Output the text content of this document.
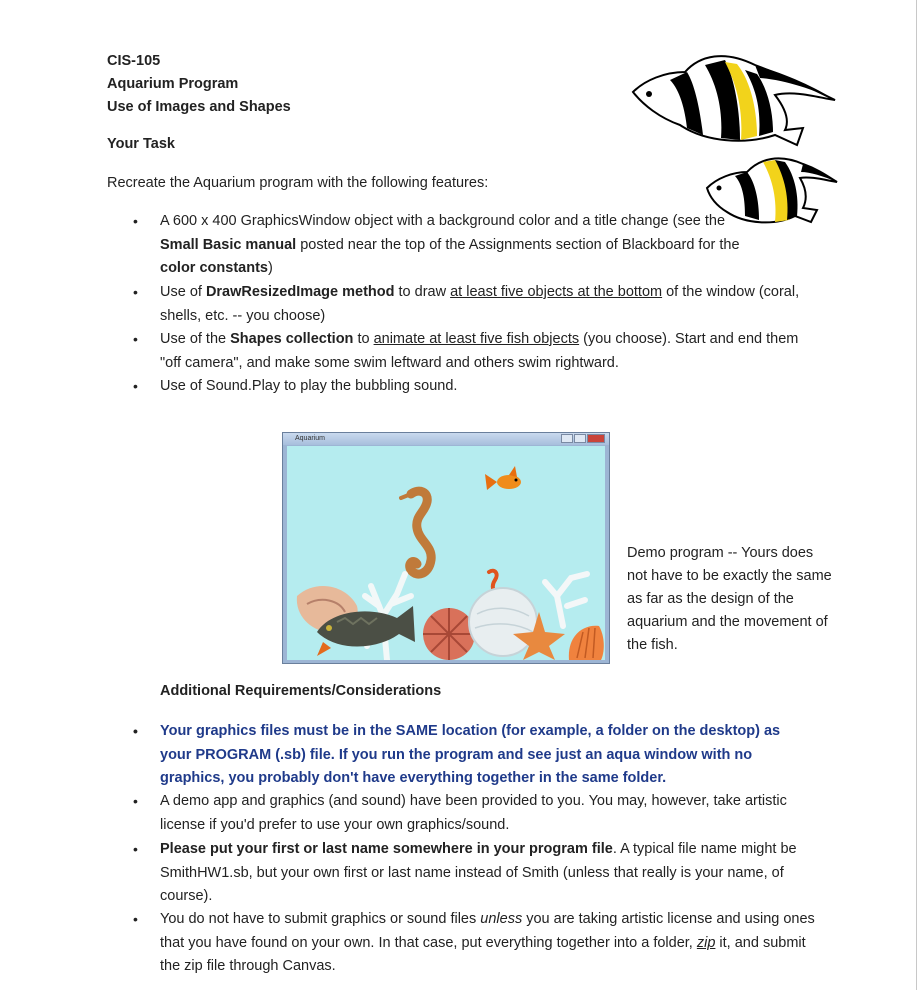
CIS-105
Aquarium Program
Use of Images and Shapes
Your Task

Recreate the Aquarium program with the following features:

• A 600 x 400 GraphicsWindow object with a background color and a title change (see the Small Basic manual posted near the top of the Assignments section of Blackboard for the color constants)
• Use of DrawResizedImage method to draw at least five objects at the bottom of the window (coral, shells, etc. -- you choose)
• Use of the Shapes collection to animate at least five fish objects (you choose). Start and end them "off camera", and make some swim leftward and others swim rightward.
• Use of Sound.Play to play the bubbling sound.
Aquarium

Demo program -- Yours does not have to be exactly the same as far as the design of the aquarium and the movement of the fish.

Additional Requirements/Considerations
• Your graphics files must be in the SAME location (for example, a folder on the desktop) as your PROGRAM (.sb) file. If you run the program and see just an aqua window with no graphics, you probably don't have everything together in the same folder.
• A demo app and graphics (and sound) have been provided to you. You may, however, take artistic license if you'd prefer to use your own graphics/sound.
• Please put your first or last name somewhere in your program file. A typical file name might be SmithHW1.sb, but your own first or last name instead of Smith (unless that really is your name, of course).
• You do not have to submit graphics or sound files unless you are taking artistic license and using ones that you have found on your own. In that case, put everything together into a folder, zip it, and submit the zip file through Canvas.
